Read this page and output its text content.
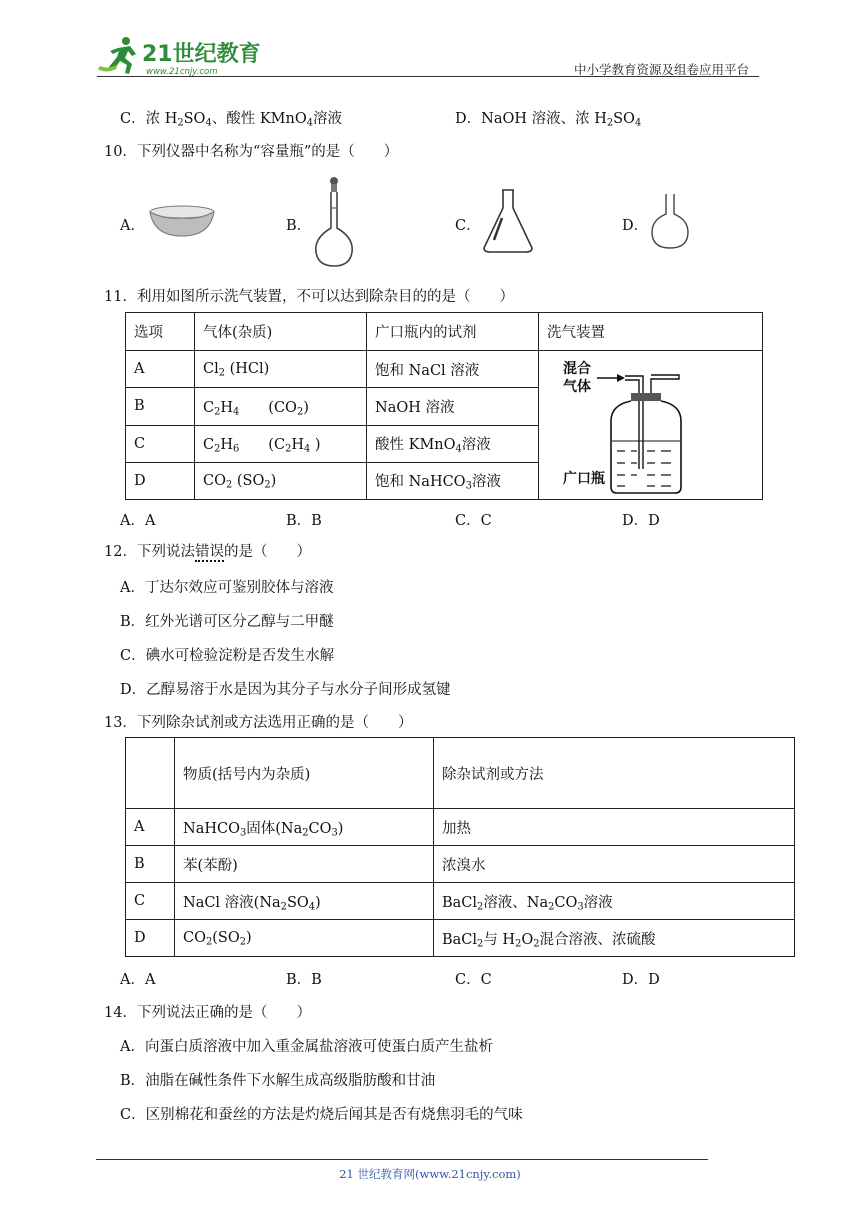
21世纪教育
www.21cnjy.com	中小学教育资源及组卷应用平台
C．浓 $H_2SO_4$、酸性 KMnO$_4$溶液	D．NaOH 溶液、浓 $H_2SO_4$
10．下列仪器中名称为“容量瓶”的是（　　）
A．	B．	C．	D．
11．利用如图所示洗气装置，不可以达到除杂目的的是（　　）
选项	气体(杂质)	广口瓶内的试剂	洗气装置
A	$Cl_2$ (HCl)	饱和 NaCl 溶液	混合
气体
广口瓶

B	$C_2H_4$　　$(CO_2)$	NaOH 溶液	
C	$C_2H_6$　　($C_2H_4$ )	酸性 KMnO$_4$溶液	
D	$CO_2$ $(SO_2)$	饱和 NaHCO$_3$溶液	
A．A	B．B	C．C	D．D
12．下列说法错误的是（　　）
A．丁达尔效应可鉴别胶体与溶液
B．红外光谱可区分乙醇与二甲醚
C．碘水可检验淀粉是否发生水解
D．乙醇易溶于水是因为其分子与水分子间形成氢键
13．下列除杂试剂或方法选用正确的是（　　）
	物质(括号内为杂质)	除杂试剂或方法
A	NaHCO$_3$固体$(Na_2CO_3)$	加热
B	苯(苯酚)	浓溴水
C	NaCl 溶液$(Na_2SO_4)$	BaCl$_2$溶液、$Na_2CO_3$溶液
D	$CO_2(SO_2)$	BaCl$_2$与 $H_2O_2$混合溶液、浓硫酸
A．A	B．B	C．C	D．D
14．下列说法正确的是（　　）
A．向蛋白质溶液中加入重金属盐溶液可使蛋白质产生盐析
B．油脂在碱性条件下水解生成高级脂肪酸和甘油
C．区别棉花和蚕丝的方法是灼烧后闻其是否有烧焦羽毛的气味
21 世纪教育网(www.21cnjy.com)
